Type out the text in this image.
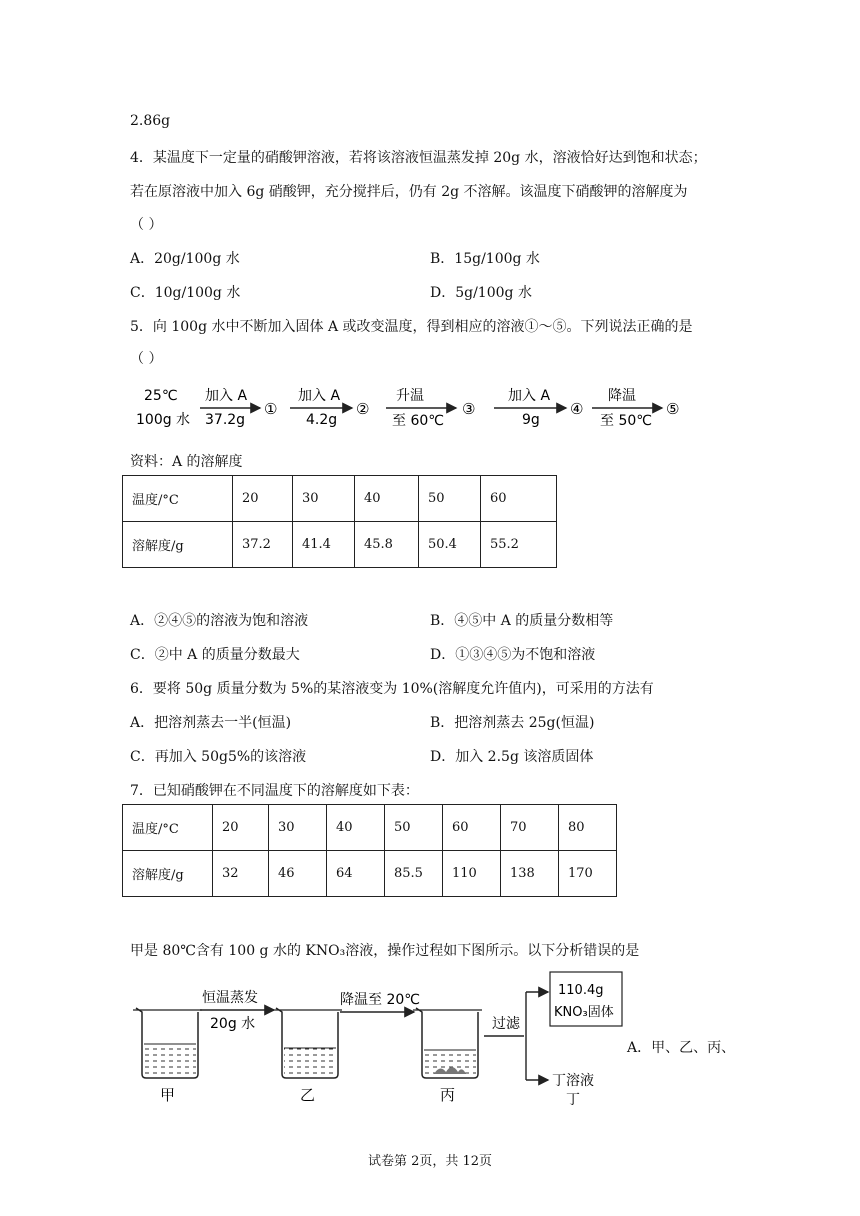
2.86g
4．某温度下一定量的硝酸钾溶液，若将该溶液恒温蒸发掉 20g 水，溶液恰好达到饱和状态；
若在原溶液中加入 6g 硝酸钾，充分搅拌后，仍有 2g 不溶解。该温度下硝酸钾的溶解度为
（ ）
A．20g/100g 水	B．15g/100g 水
C．10g/100g 水	D．5g/100g 水
5．向 100g 水中不断加入固体 A 或改变温度，得到相应的溶液①～⑤。下列说法正确的是
（ ）
25℃
100g 水
加入 A
37.2g
①
加入 A
4.2g
②
升温
至 60℃
③
加入 A
9g
④
降温
至 50℃
⑤
资料：A 的溶解度
温度/°C	20	30	40	50	60
溶解度/g	37.2	41.4	45.8	50.4	55.2
A．②④⑤的溶液为饱和溶液	B．④⑤中 A 的质量分数相等
C．②中 A 的质量分数最大	D．①③④⑤为不饱和溶液
6．要将 50g 质量分数为 5%的某溶液变为 10%(溶解度允许值内)，可采用的方法有
A．把溶剂蒸去一半(恒温)	B．把溶剂蒸去 25g(恒温)
C．再加入 50g5%的该溶液	D．加入 2.5g 该溶质固体
7．已知硝酸钾在不同温度下的溶解度如下表：
温度/°C	20	30	40	50	60	70	80
溶解度/g	32	46	64	85.5	110	138	170
甲是 80℃含有 100 g 水的 KNO₃溶液，操作过程如下图所示。以下分析错误的是
甲
恒温蒸发
20g 水
乙
降温至 20℃
丙
过滤
110.4g
KNO₃固体
丁溶液
丁
A．甲、乙、丙、
试卷第 2页，共 12页
